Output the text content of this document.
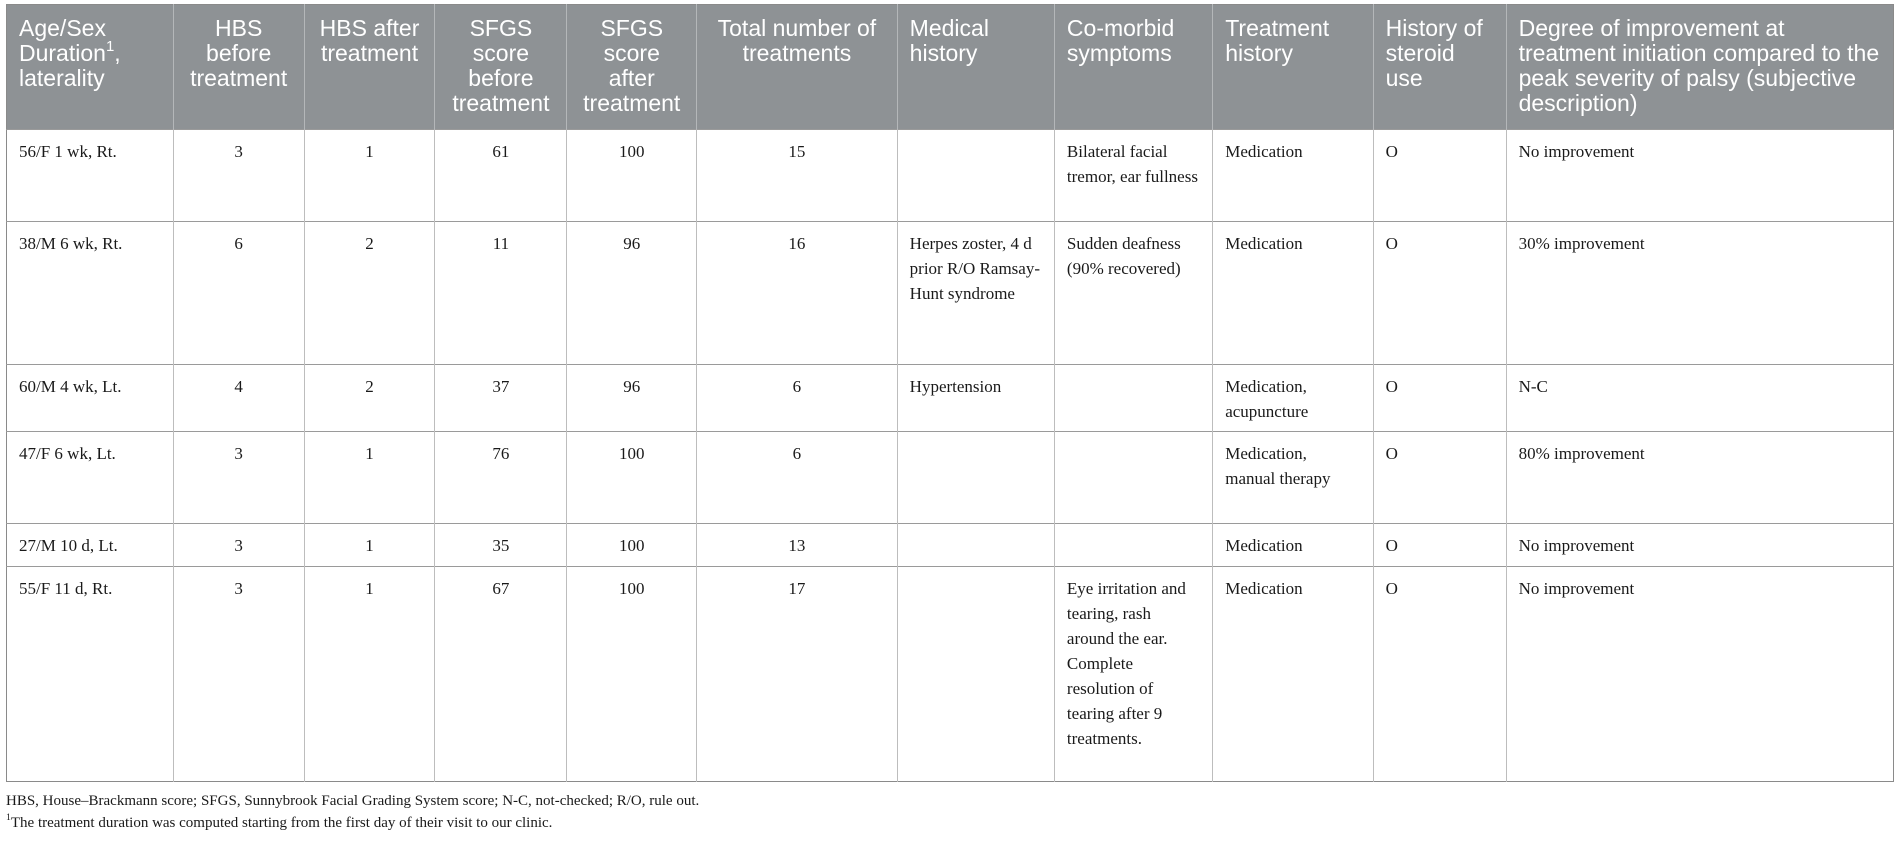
Age/Sex Duration$^1$, laterality	HBS before treatment	HBS after treatment	SFGS score before treatment	SFGS score after treatment	Total number of treatments	Medical history	Co-morbid symptoms	Treatment history	History of steroid use	Degree of improvement at treatment initiation compared to the peak severity of palsy (subjective description)
56/F 1 wk, Rt.	3	1	61	100	15		Bilateral facial tremor, ear fullness	Medication	O	No improvement
38/M 6 wk, Rt.	6	2	11	96	16	Herpes zoster, 4 d prior R/O Ramsay-Hunt syndrome	Sudden deafness (90% recovered)	Medication	O	30% improvement
60/M 4 wk, Lt.	4	2	37	96	6	Hypertension		Medication, acupuncture	O	N-C
47/F 6 wk, Lt.	3	1	76	100	6			Medication, manual therapy	O	80% improvement
27/M 10 d, Lt.	3	1	35	100	13			Medication	O	No improvement
55/F 11 d, Rt.	3	1	67	100	17		Eye irritation and tearing, rash around the ear. Complete resolution of tearing after 9 treatments.	Medication	O	No improvement
HBS, House–Brackmann score; SFGS, Sunnybrook Facial Grading System score; N-C, not-checked; R/O, rule out.
$^1$The treatment duration was computed starting from the first day of their visit to our clinic.
